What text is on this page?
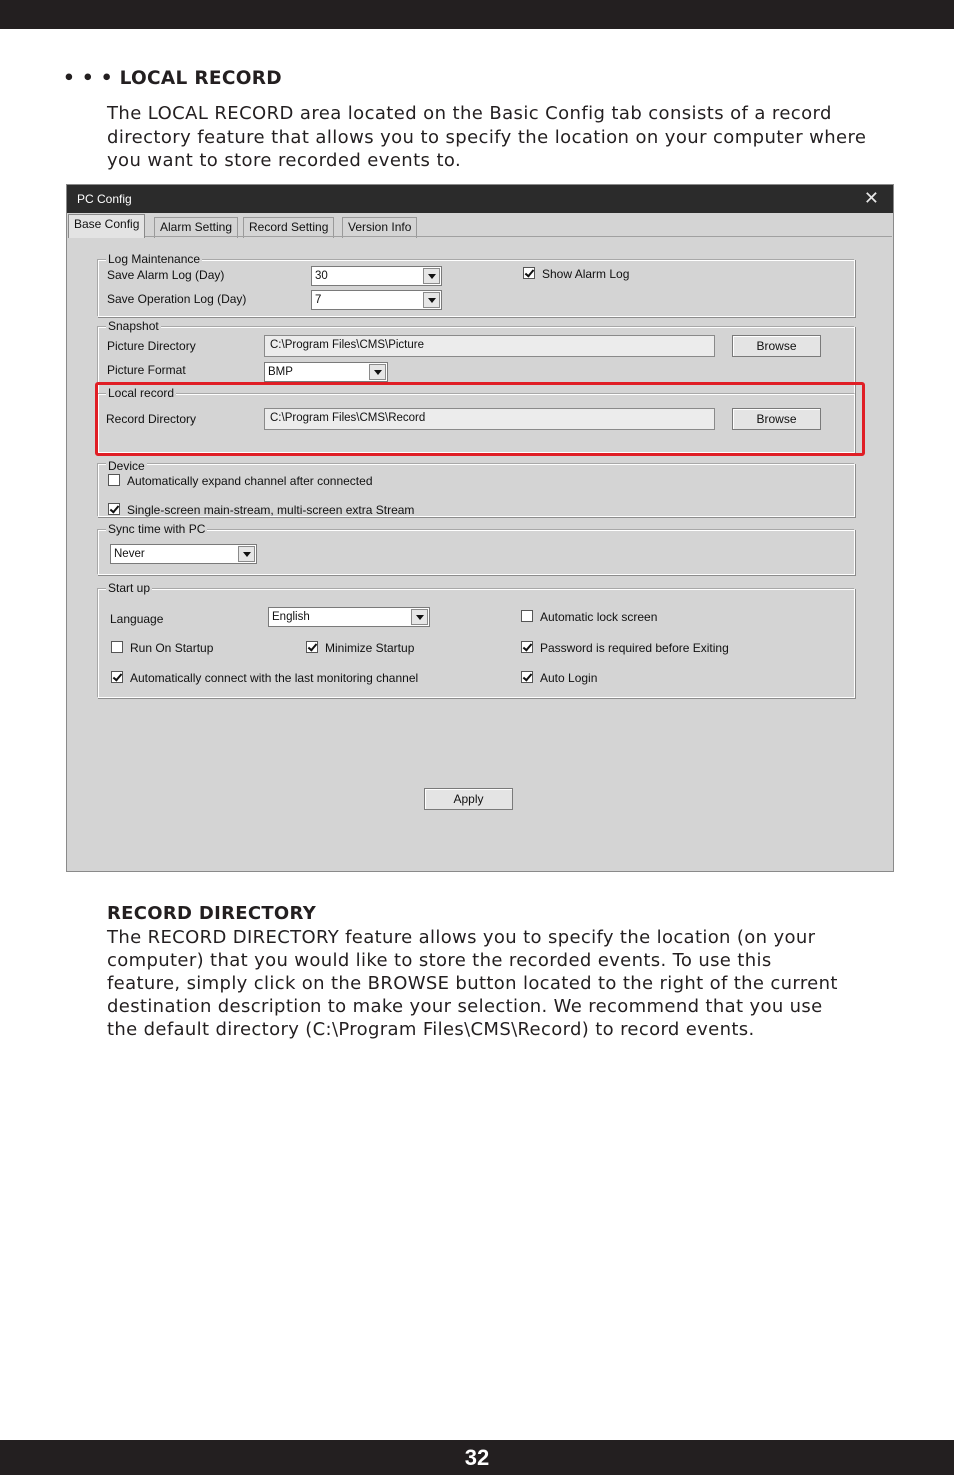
• • • LOCAL RECORD

The LOCAL RECORD area located on the Basic Config tab consists of a record directory feature that allows you to specify the location on your computer where you want to store recorded events to.

PC Config	✕
Base Config	Alarm Setting	Record Setting	Version Info
Log Maintenance
Save Alarm Log (Day)	30
Save Operation Log (Day)	7
Show Alarm Log
Snapshot
Picture Directory	C:\Program Files\CMS\Picture	Browse
Picture Format	BMP
Local record
Record Directory	C:\Program Files\CMS\Record	Browse
Device
Automatically expand channel after connected
Single-screen main-stream, multi-screen extra Stream
Sync time with PC
Never
Start up
Language	English	Automatic lock screen
Run On Startup	Minimize Startup	Password is required before Exiting
Automatically connect with the last monitoring channel	Auto Login
Apply
RECORD DIRECTORY

The RECORD DIRECTORY feature allows you to specify the location (on your computer) that you would like to store the recorded events. To use this feature, simply click on the BROWSE button located to the right of the current destination description to make your selection. We recommend that you use the default directory (C:\Program Files\CMS\Record) to record events.

32
